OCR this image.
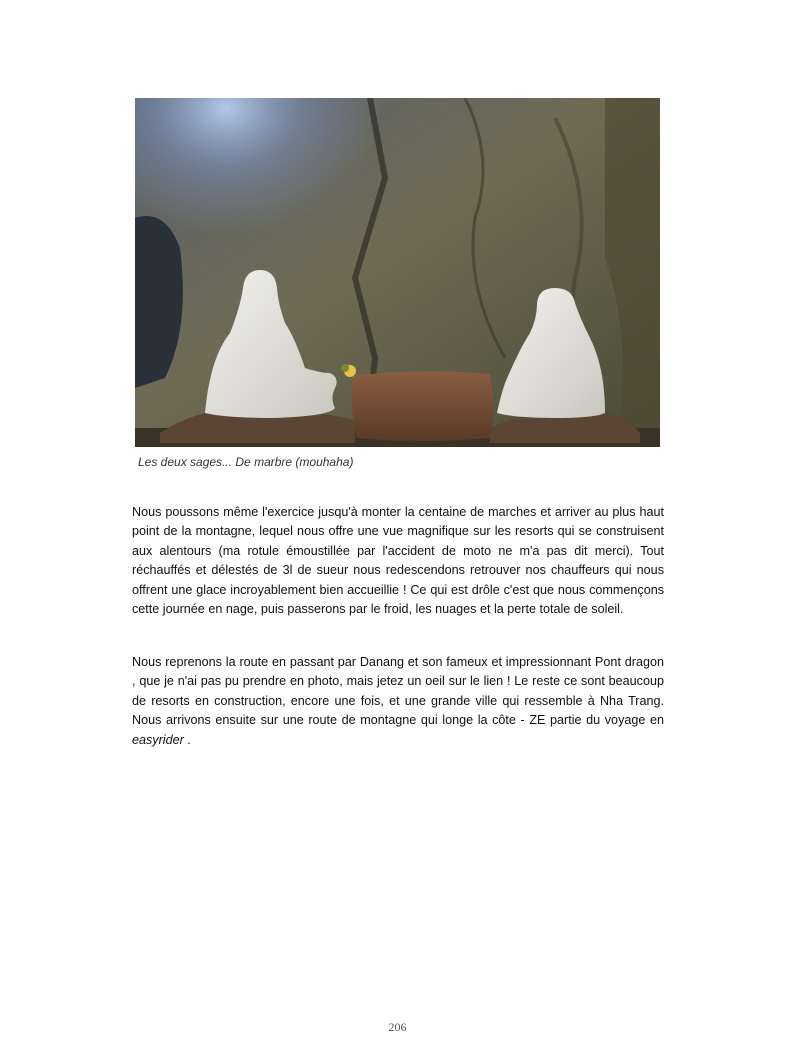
Les deux sages... De marbre (mouhaha)

Nous poussons même l'exercice jusqu'à monter la centaine de marches et arriver au plus haut point de la montagne, lequel nous offre une vue magnifique sur les resorts qui se construisent aux alentours (ma rotule émoustillée par l'accident de moto ne m'a pas dit merci). Tout réchauffés et délestés de 3l de sueur nous redescendons retrouver nos chauffeurs qui nous offrent une glace incroyablement bien accueillie ! Ce qui est drôle c'est que nous commençons cette journée en nage, puis passerons par le froid, les nuages et la perte totale de soleil.

Nous reprenons la route en passant par Danang et son fameux et impressionnant Pont dragon , que je n'ai pas pu prendre en photo, mais jetez un oeil sur le lien ! Le reste ce sont beaucoup de resorts en construction, encore une fois, et une grande ville qui ressemble à Nha Trang. Nous arrivons ensuite sur une route de montagne qui longe la côte - ZE partie du voyage en easyrider .

206
